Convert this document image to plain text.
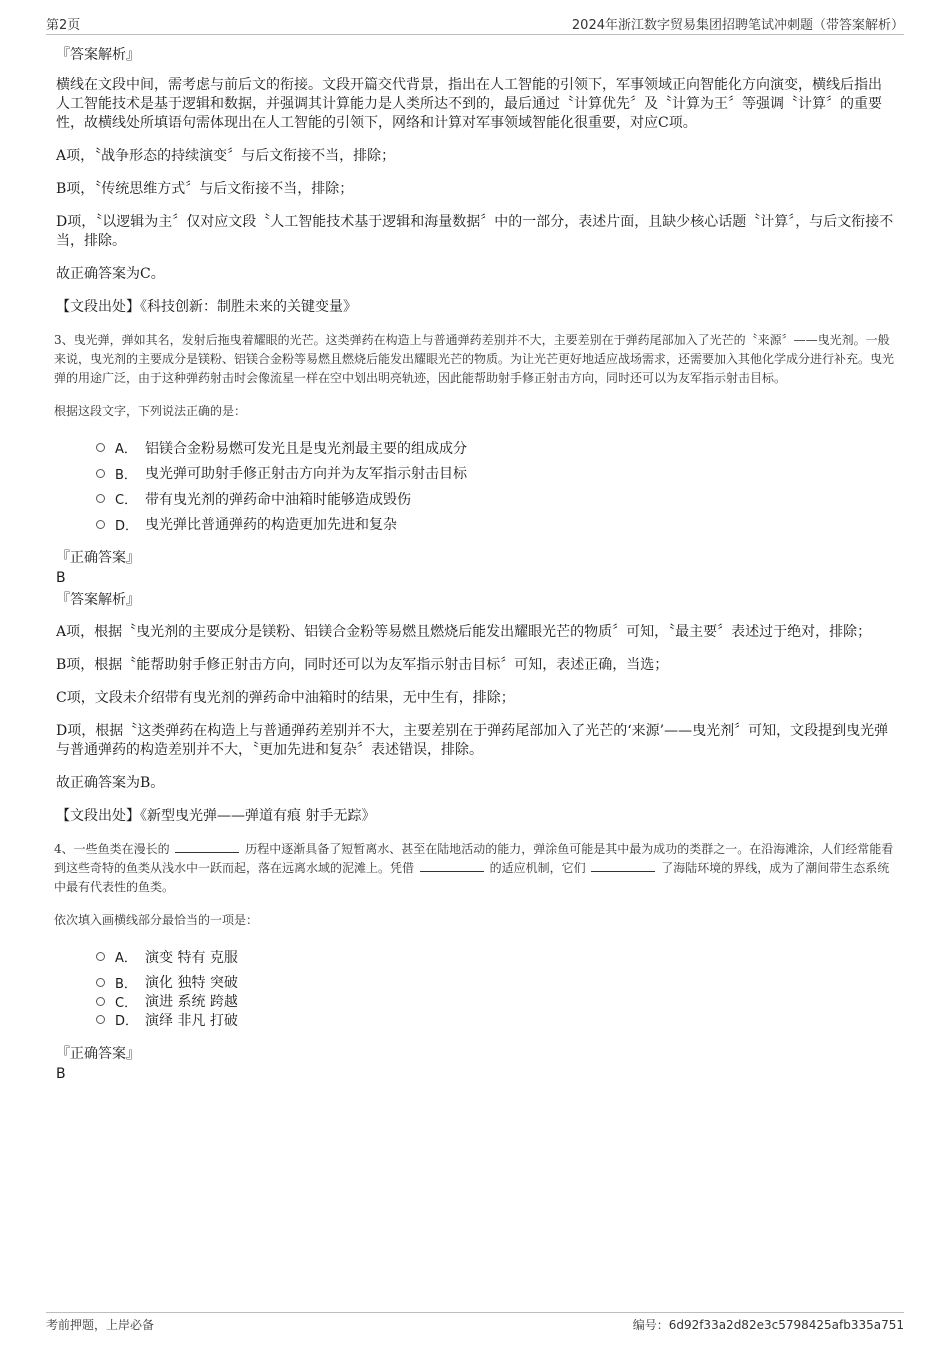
第2页	2024年浙江数字贸易集团招聘笔试冲刺题（带答案解析）
『答案解析』

横线在文段中间，需考虑与前后文的衔接。文段开篇交代背景，指出在人工智能的引领下，军事领域正向智能化方向演变，横线后指出人工智能技术是基于逻辑和数据，并强调其计算能力是人类所达不到的，最后通过〝计算优先〞及〝计算为王〞等强调〝计算〞的重要性，故横线处所填语句需体现出在人工智能的引领下，网络和计算对军事领域智能化很重要，对应C项。

A项，〝战争形态的持续演变〞与后文衔接不当，排除；

B项，〝传统思维方式〞与后文衔接不当，排除；

D项，〝以逻辑为主〞仅对应文段〝人工智能技术基于逻辑和海量数据〞中的一部分，表述片面，且缺少核心话题〝计算〞，与后文衔接不当，排除。

故正确答案为C。

【文段出处】《科技创新：制胜未来的关键变量》

3、曳光弹，弹如其名，发射后拖曳着耀眼的光芒。这类弹药在构造上与普通弹药差别并不大，主要差别在于弹药尾部加入了光芒的〝来源〞——曳光剂。一般来说，曳光剂的主要成分是镁粉、铝镁合金粉等易燃且燃烧后能发出耀眼光芒的物质。为让光芒更好地适应战场需求，还需要加入其他化学成分进行补充。曳光弹的用途广泛，由于这种弹药射击时会像流星一样在空中划出明亮轨迹，因此能帮助射手修正射击方向，同时还可以为友军指示射击目标。

根据这段文字，下列说法正确的是：

A． 铝镁合金粉易燃可发光且是曳光剂最主要的组成成分
B． 曳光弹可助射手修正射击方向并为友军指示射击目标
C． 带有曳光剂的弹药命中油箱时能够造成毁伤
D． 曳光弹比普通弹药的构造更加先进和复杂
『正确答案』
B
『答案解析』

A项，根据〝曳光剂的主要成分是镁粉、铝镁合金粉等易燃且燃烧后能发出耀眼光芒的物质〞可知，〝最主要〞表述过于绝对，排除；

B项，根据〝能帮助射手修正射击方向，同时还可以为友军指示射击目标〞可知，表述正确，当选；

C项，文段未介绍带有曳光剂的弹药命中油箱时的结果，无中生有，排除；

D项，根据〝这类弹药在构造上与普通弹药差别并不大，主要差别在于弹药尾部加入了光芒的‘来源’——曳光剂〞可知，文段提到曳光弹与普通弹药的构造差别并不大，〝更加先进和复杂〞表述错误，排除。

故正确答案为B。

【文段出处】《新型曳光弹——弹道有痕 射手无踪》

4、一些鱼类在漫长的	历程中逐渐具备了短暂离水、甚至在陆地活动的能力，弹涂鱼可能是其中最为成功的类群之一。在沿海滩涂，人们经常能看到这些奇特的鱼类从浅水中一跃而起，落在远离水域的泥滩上。凭借	的适应机制，它们	了海陆环境的界线，成为了潮间带生态系统中最有代表性的鱼类。

依次填入画横线部分最恰当的一项是：

A． 演变 特有 克服
B． 演化 独特 突破
C． 演进 系统 跨越
D． 演绎 非凡 打破
『正确答案』
B
考前押题，上岸必备	编号：6d92f33a2d82e3c5798425afb335a751
